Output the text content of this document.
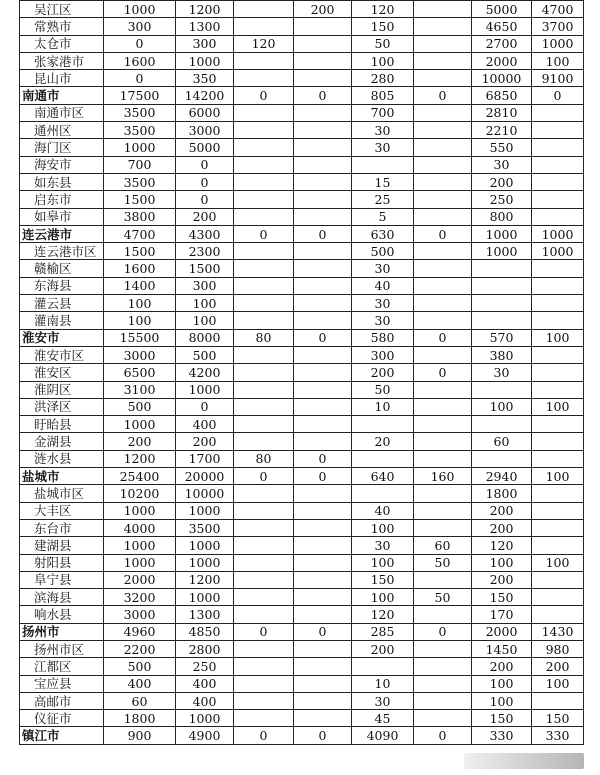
吴江区	1000	1200		200	120		5000	4700
常熟市	300	1300			150		4650	3700
太仓市	0	300	120		50		2700	1000
张家港市	1600	1000			100		2000	100
昆山市	0	350			280		10000	9100
南通市	17500	14200	0	0	805	0	6850	0
南通市区	3500	6000			700		2810	
通州区	3500	3000			30		2210	
海门区	1000	5000			30		550	
海安市	700	0					30	
如东县	3500	0			15		200	
启东市	1500	0			25		250	
如皋市	3800	200			5		800	
连云港市	4700	4300	0	0	630	0	1000	1000
连云港市区	1500	2300			500		1000	1000
赣榆区	1600	1500			30			
东海县	1400	300			40			
灌云县	100	100			30			
灌南县	100	100			30			
淮安市	15500	8000	80	0	580	0	570	100
淮安市区	3000	500			300		380	
淮安区	6500	4200			200	0	30	
淮阴区	3100	1000			50			
洪泽区	500	0			10		100	100
盱眙县	1000	400						
金湖县	200	200			20		60	
涟水县	1200	1700	80	0				
盐城市	25400	20000	0	0	640	160	2940	100
盐城市区	10200	10000					1800	
大丰区	1000	1000			40		200	
东台市	4000	3500			100		200	
建湖县	1000	1000			30	60	120	
射阳县	1000	1000			100	50	100	100
阜宁县	2000	1200			150		200	
滨海县	3200	1000			100	50	150	
响水县	3000	1300			120		170	
扬州市	4960	4850	0	0	285	0	2000	1430
扬州市区	2200	2800			200		1450	980
江都区	500	250					200	200
宝应县	400	400			10		100	100
高邮市	60	400			30		100	
仪征市	1800	1000			45		150	150
镇江市	900	4900	0	0	4090	0	330	330
